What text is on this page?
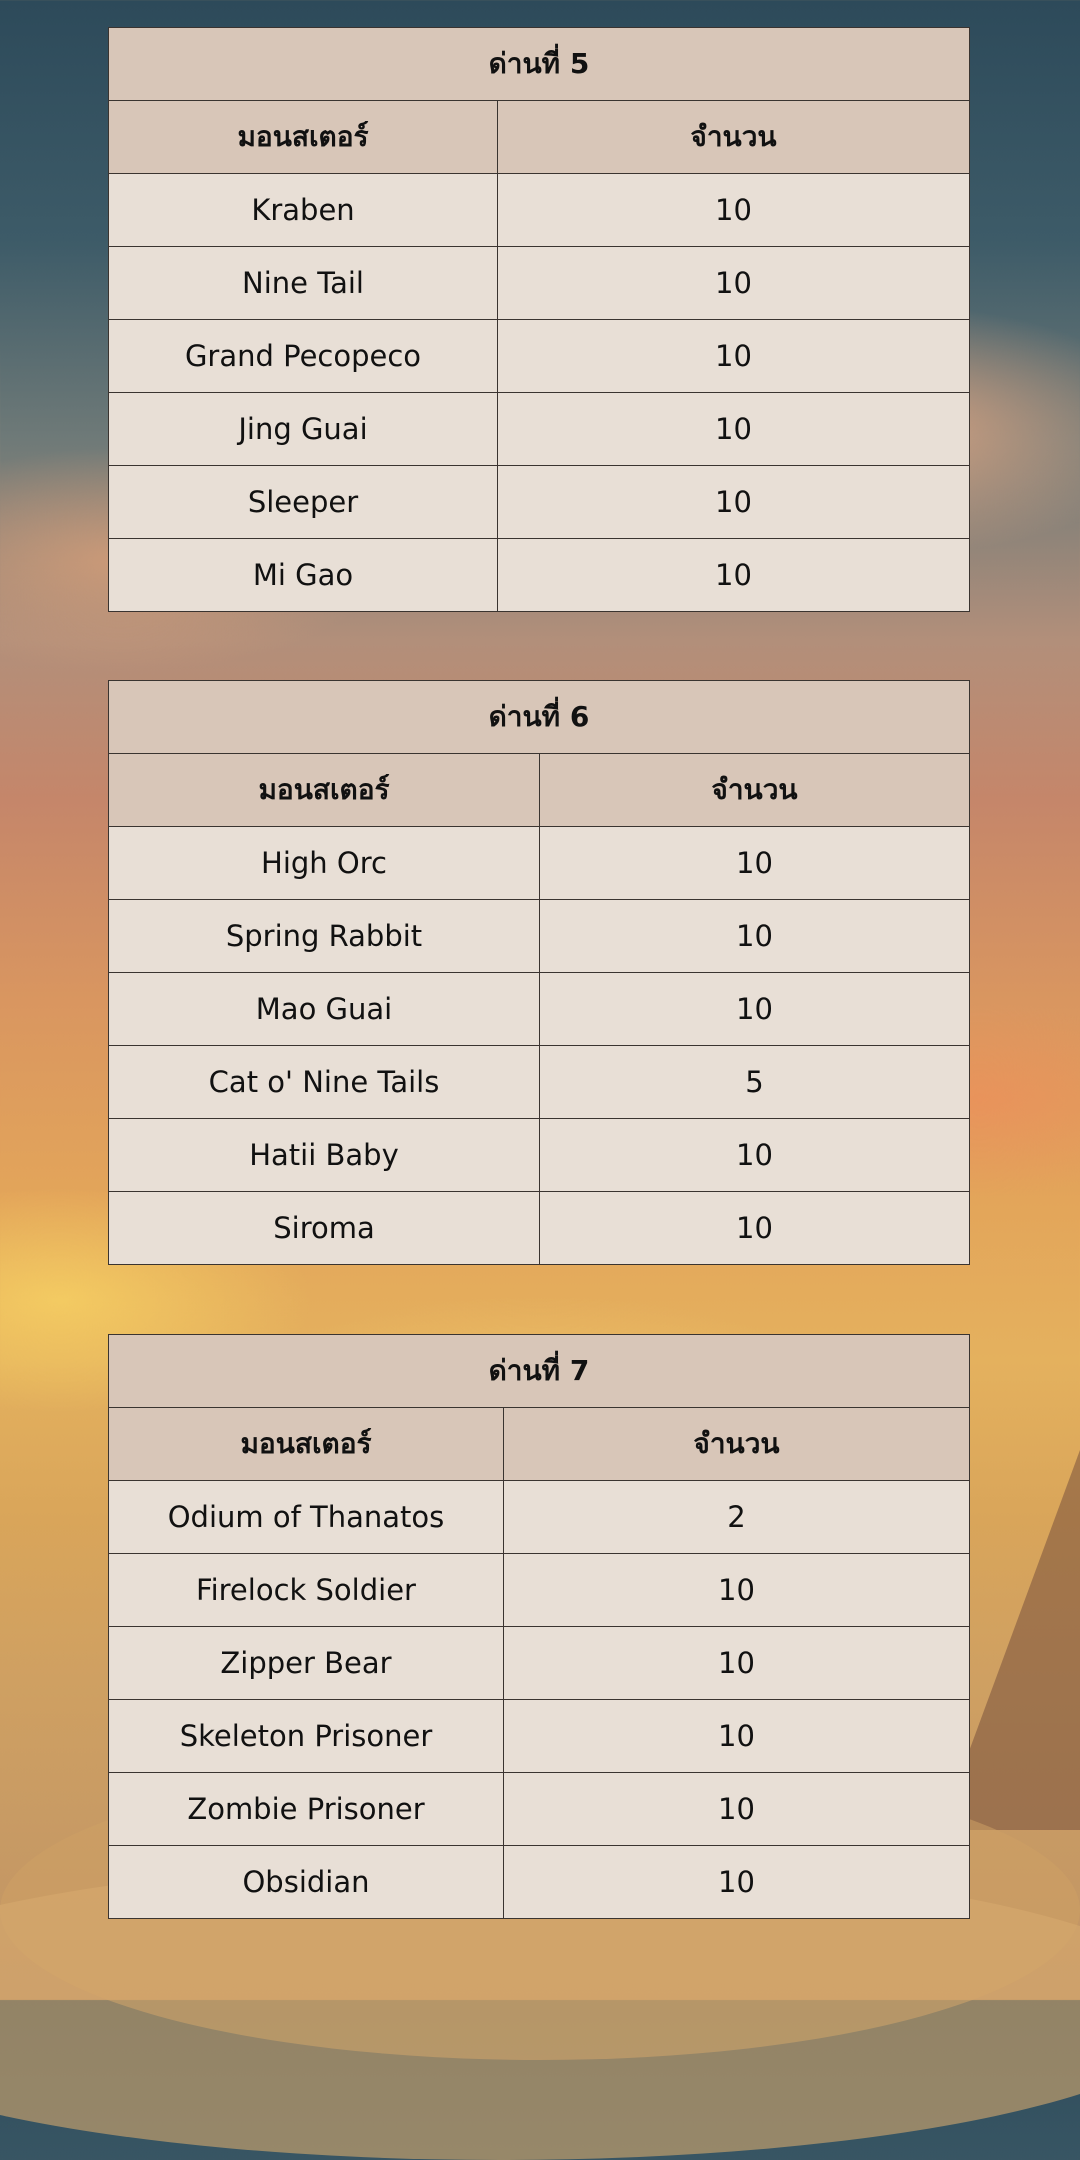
ด่านที่ 5	
มอนสเตอร์	จำนวน
Kraben	10
Nine Tail	10
Grand Pecopeco	10
Jing Guai	10
Sleeper	10
Mi Gao	10
ด่านที่ 6	
มอนสเตอร์	จำนวน
High Orc	10
Spring Rabbit	10
Mao Guai	10
Cat o' Nine Tails	5
Hatii Baby	10
Siroma	10
ด่านที่ 7	
มอนสเตอร์	จำนวน
Odium of Thanatos	2
Firelock Soldier	10
Zipper Bear	10
Skeleton Prisoner	10
Zombie Prisoner	10
Obsidian	10
